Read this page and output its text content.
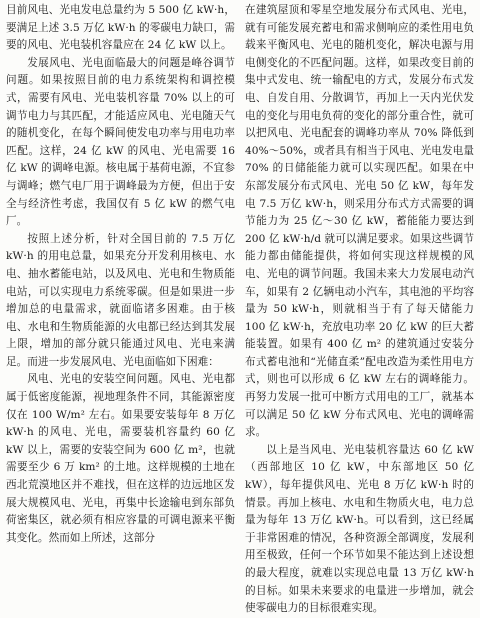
目前风电、光电发电总量约为 5 500 亿 kW·h，要满足上述 3.5 万亿 kW·h 的零碳电力缺口，需要的风电、光电装机容量应在 24 亿 kW 以上。

发展风电、光电面临最大的问题是峰谷调节问题。如果按照目前的电力系统架构和调控模式，需要有风电、光电装机容量 70% 以上的可调节电力与其匹配，才能适应风电、光电随天气的随机变化，在每个瞬间使发电功率与用电功率匹配。这样，24 亿 kW 的风电、光电需要 16 亿 kW 的调峰电源。核电属于基荷电源，不宜参与调峰；燃气电厂用于调峰最为方便，但出于安全与经济性考虑，我国仅有 5 亿 kW 的燃气电厂。

按照上述分析，针对全国目前的 7.5 万亿 kW·h 的用电总量，如果充分开发利用核电、水电、抽水蓄能电站，以及风电、光电和生物质能电站，可以实现电力系统零碳。但是如果进一步增加总的电量需求，就面临诸多困难。由于核电、水电和生物质能源的火电都已经达到其发展上限，增加的部分就只能通过风电、光电来满足。而进一步发展风电、光电面临如下困难：

风电、光电的安装空间问题。风电、光电都属于低密度能源，视地理条件不同，其能源密度仅在 100 W/m² 左右。如果要安装每年 8 万亿 kW·h 的风电、光电，需要装机容量约 60 亿 kW 以上，需要的安装空间为 600 亿 m²，也就需要至少 6 万 km² 的土地。这样规模的土地在西北荒漠地区并不难找，但在这样的边远地区发展大规模风电、光电，再集中长途输电到东部负荷密集区，就必须有相应容量的可调电源来平衡其变化。然而如上所述，这部分

在建筑屋顶和零星空地发展分布式风电、光电，就有可能发展充蓄电和需求侧响应的柔性用电负载来平衡风电、光电的随机变化，解决电源与用电侧变化的不匹配问题。这样，如果改变目前的集中式发电、统一输配电的方式，发展分布式发电、自发自用、分散调节，再加上一天内光伏发电的变化与用电负荷的变化的部分重合性，就可以把风电、光电配套的调峰功率从 70% 降低到 40%～50%，或者具有相当于风电、光电发电量 70% 的日储能能力就可以实现匹配。如果在中东部发展分布式风电、光电 50 亿 kW，每年发电 7.5 万亿 kW·h，则采用分布式方式需要的调节能力为 25 亿～30 亿 kW，蓄能能力要达到 200 亿 kW·h/d 就可以满足要求。如果这些调节能力都由储能提供，将如何实现这样规模的风电、光电的调节问题。我国未来大力发展电动汽车，如果有 2 亿辆电动小汽车，其电池的平均容量为 50 kW·h，则就相当于有了每天储能力 100 亿 kW·h，充放电功率 20 亿 kW 的巨大蓄能装置。如果有 400 亿 m² 的建筑通过安装分布式蓄电池和“光储直柔”配电改造为柔性用电方式，则也可以形成 6 亿 kW 左右的调峰能力。再努力发展一批可中断方式用电的工厂，就基本可以满足 50 亿 kW 分布式风电、光电的调峰需求。

以上是当风电、光电装机容量达 60 亿 kW（西部地区 10 亿 kW，中东部地区 50 亿 kW），每年提供风电、光电 8 万亿 kW·h 时的情景。再加上核电、水电和生物质火电，电力总量为每年 13 万亿 kW·h。可以看到，这已经属于非常困难的情况，各种资源全部调度，发展利用至极致，任何一个环节如果不能达到上述设想的最大程度，就难以实现总电量 13 万亿 kW·h 的目标。如果未来要求的电量进一步增加，就会使零碳电力的目标很难实现。
